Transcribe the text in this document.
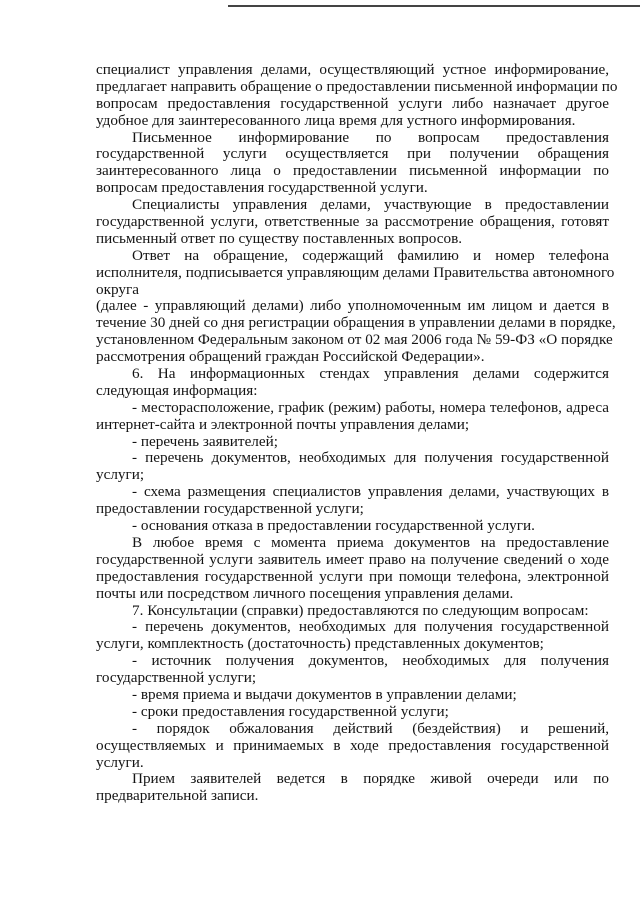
специалист управления делами, осуществляющий устное информирование,
предлагает направить обращение о предоставлении письменной информации по
вопросам предоставления государственной услуги либо назначает другое
удобное для заинтересованного лица время для устного информирования.
Письменное информирование по вопросам предоставления
государственной услуги осуществляется при получении обращения
заинтересованного лица о предоставлении письменной информации по
вопросам предоставления государственной услуги.
Специалисты управления делами, участвующие в предоставлении
государственной услуги, ответственные за рассмотрение обращения, готовят
письменный ответ по существу поставленных вопросов.
Ответ на обращение, содержащий фамилию и номер телефона
исполнителя, подписывается управляющим делами Правительства автономного
округа
(далее - управляющий делами) либо уполномоченным им лицом и дается в
течение 30 дней со дня регистрации обращения в управлении делами в порядке,
установленном Федеральным законом от 02 мая 2006 года № 59-ФЗ «О порядке
рассмотрения обращений граждан Российской Федерации».
6. На информационных стендах управления делами содержится
следующая информация:
- месторасположение, график (режим) работы, номера телефонов, адреса
интернет-сайта и электронной почты управления делами;
- перечень заявителей;
- перечень документов, необходимых для получения государственной
услуги;
- схема размещения специалистов управления делами, участвующих в
предоставлении государственной услуги;
- основания отказа в предоставлении государственной услуги.
В любое время с момента приема документов на предоставление
государственной услуги заявитель имеет право на получение сведений о ходе
предоставления государственной услуги при помощи телефона, электронной
почты или посредством личного посещения управления делами.
7. Консультации (справки) предоставляются по следующим вопросам:
- перечень документов, необходимых для получения государственной
услуги, комплектность (достаточность) представленных документов;
- источник получения документов, необходимых для получения
государственной услуги;
- время приема и выдачи документов в управлении делами;
- сроки предоставления государственной услуги;
- порядок обжалования действий (бездействия) и решений,
осуществляемых и принимаемых в ходе предоставления государственной
услуги.
Прием заявителей ведется в порядке живой очереди или по
предварительной записи.
